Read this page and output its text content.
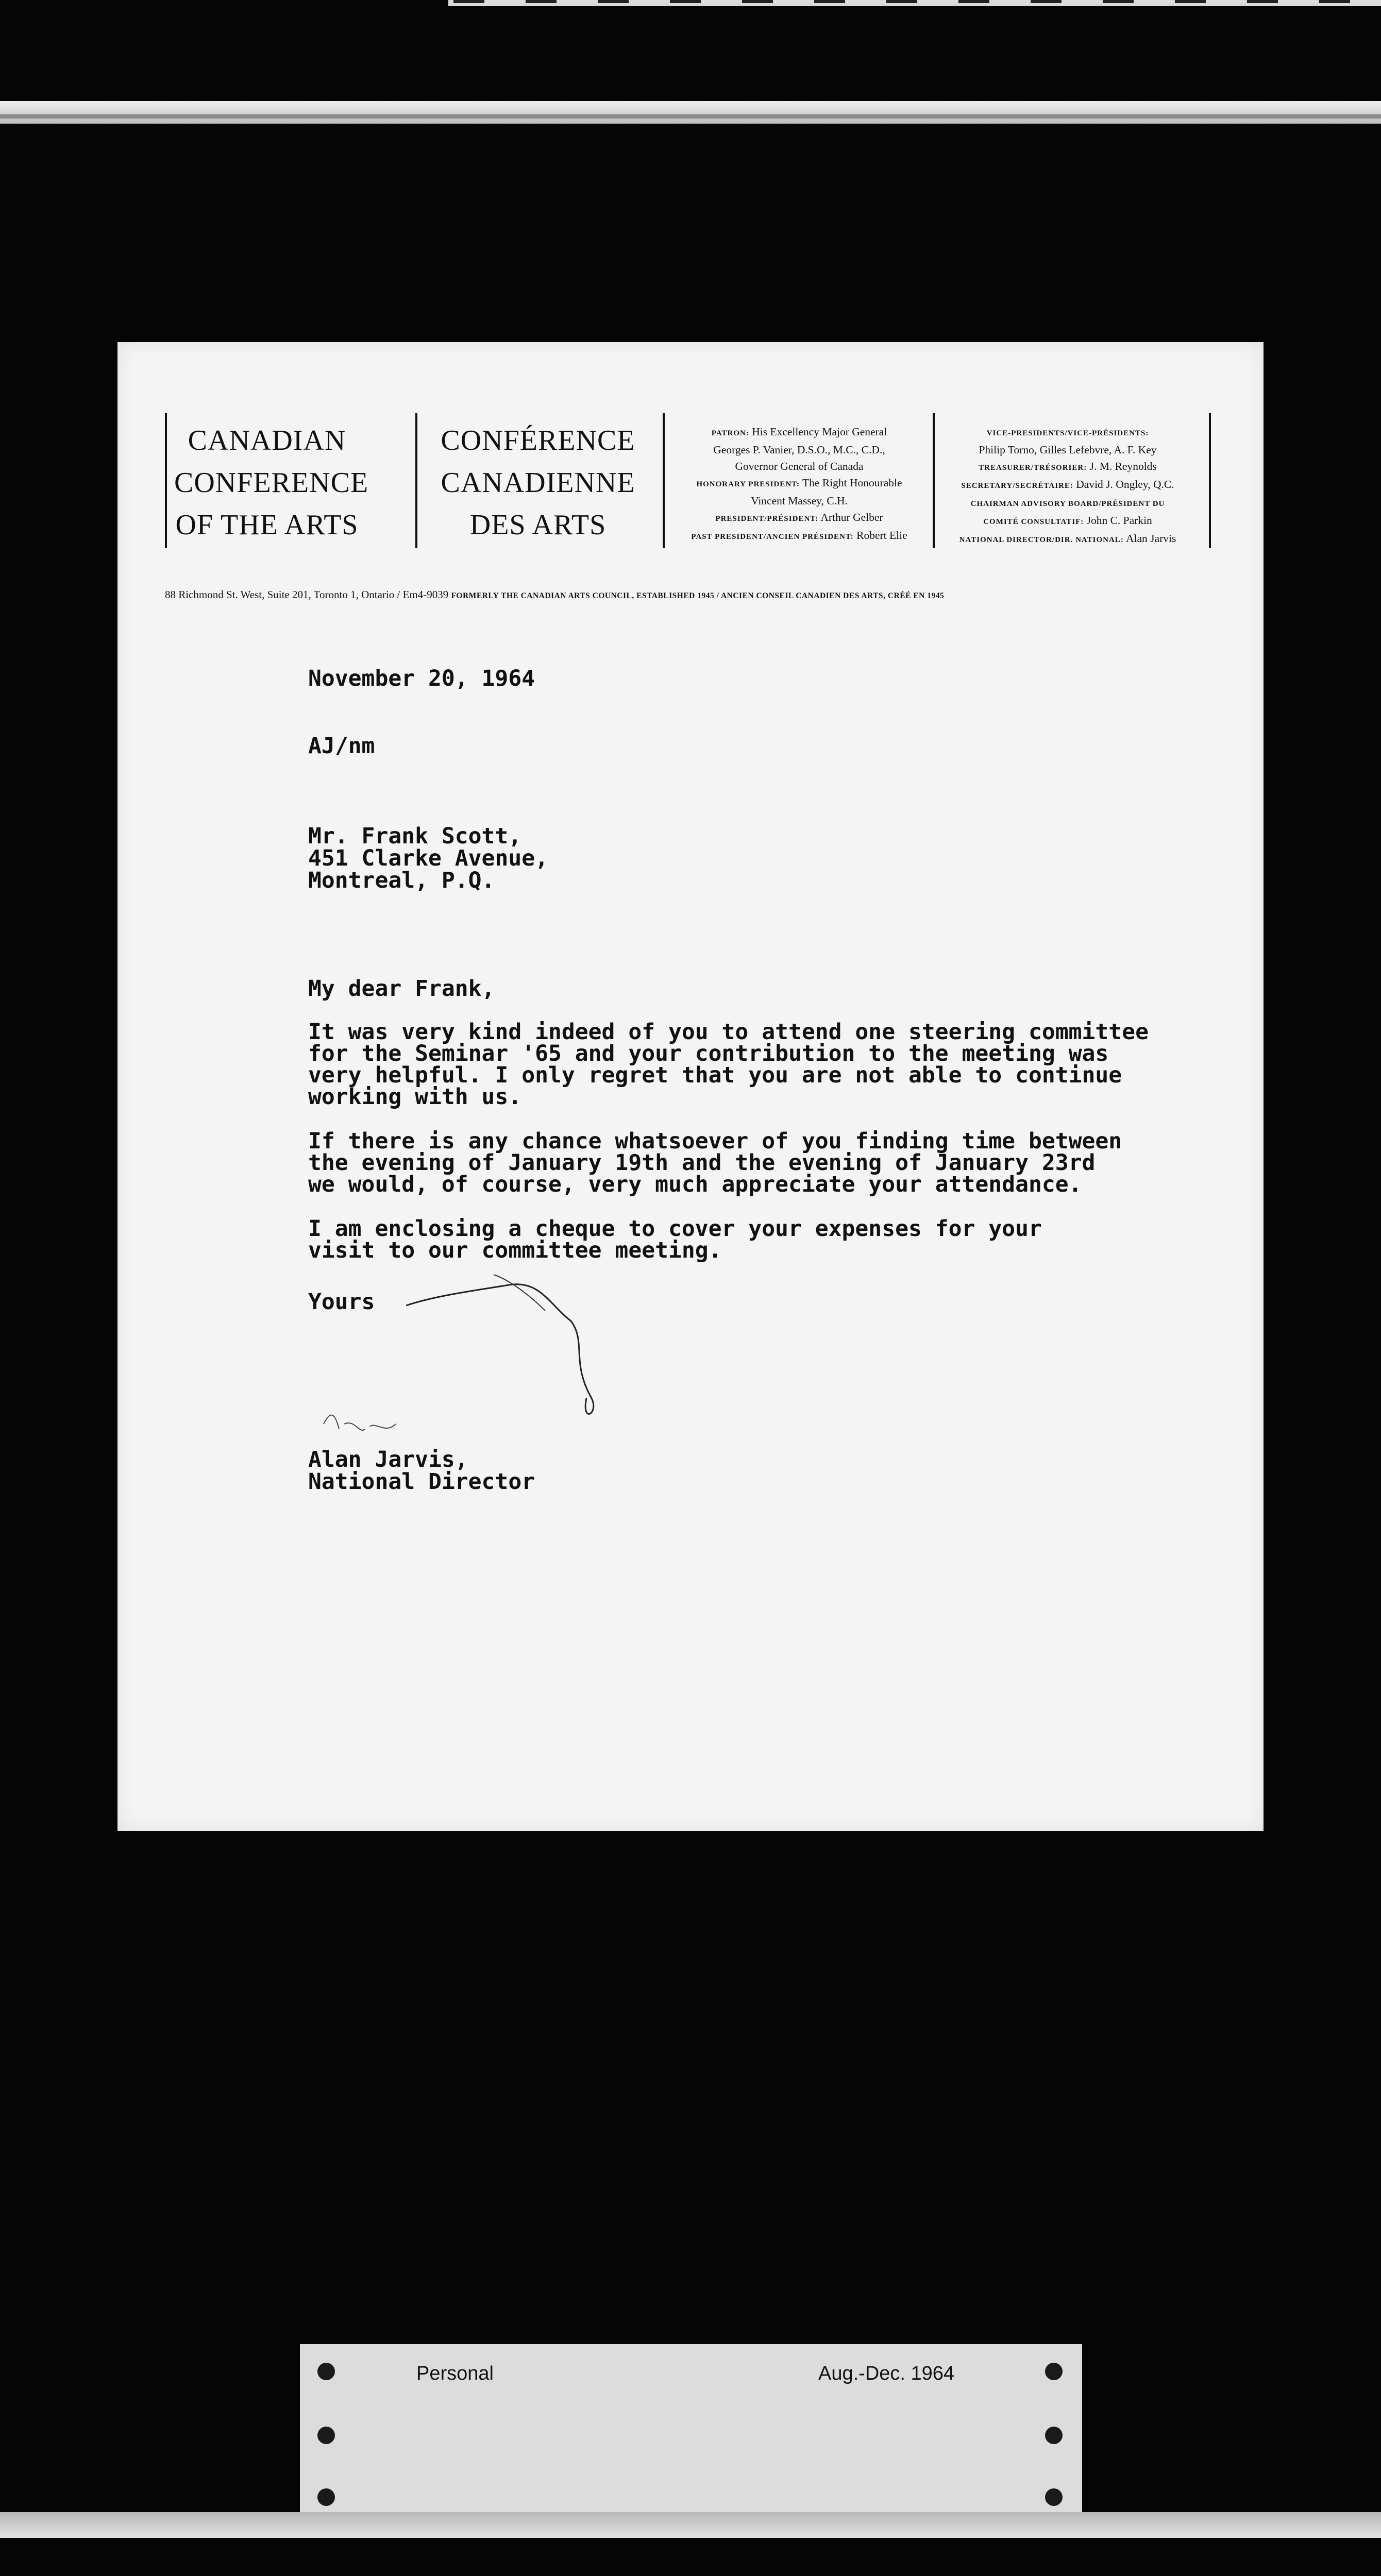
CANADIAN
CONFERENCE
OF THE ARTS
CONFÉRENCE
CANADIENNE
DES ARTS
PATRON: His Excellency Major General
Georges P. Vanier, D.S.O., M.C., C.D.,
Governor General of Canada
HONORARY PRESIDENT: The Right Honourable
Vincent Massey, C.H.
PRESIDENT/PRÉSIDENT: Arthur Gelber
PAST PRESIDENT/ANCIEN PRÉSIDENT: Robert Elie
VICE-PRESIDENTS/VICE-PRÉSIDENTS:
Philip Torno, Gilles Lefebvre, A. F. Key
TREASURER/TRÉSORIER: J. M. Reynolds
SECRETARY/SECRÉTAIRE: David J. Ongley, Q.C.
CHAIRMAN ADVISORY BOARD/PRÉSIDENT DU
COMITÉ CONSULTATIF: John C. Parkin
NATIONAL DIRECTOR/DIR. NATIONAL: Alan Jarvis
88 Richmond St. West, Suite 201, Toronto 1, Ontario / Em4-9039 FORMERLY THE CANADIAN ARTS COUNCIL, ESTABLISHED 1945 / ANCIEN CONSEIL CANADIEN DES ARTS, CRÉÉ EN 1945
November 20, 1964
AJ/nm
Mr. Frank Scott,
451 Clarke Avenue,
Montreal, P.Q.
My dear Frank,
It was very kind indeed of you to attend one steering committee
for the Seminar '65 and your contribution to the meeting was
very helpful. I only regret that you are not able to continue
working with us.
If there is any chance whatsoever of you finding time between
the evening of January 19th and the evening of January 23rd
we would, of course, very much appreciate your attendance.
I am enclosing a cheque to cover your expenses for your
visit to our committee meeting.
Yours
Alan Jarvis,
National Director
Personal	Aug.-Dec. 1964
